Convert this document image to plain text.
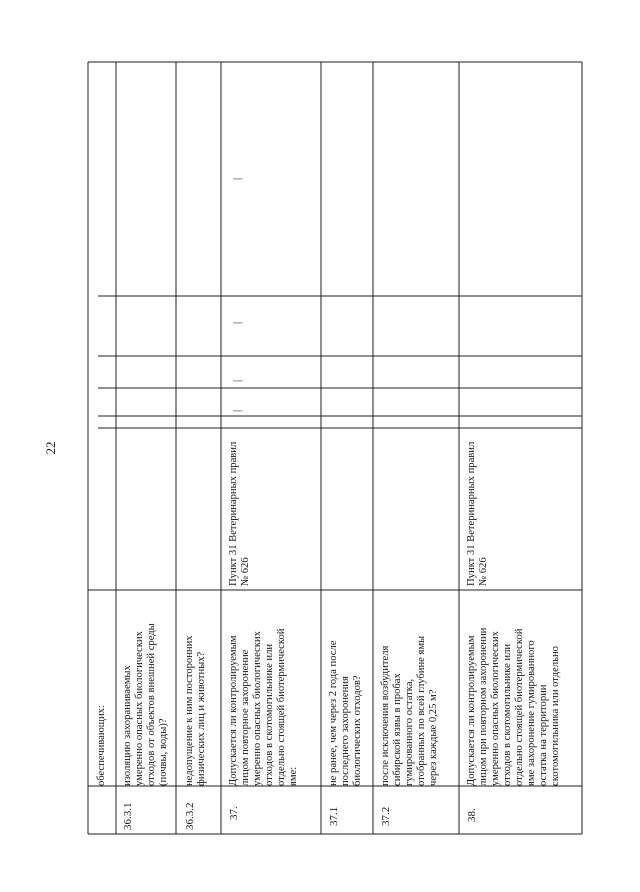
22
обеспечивающих:
36.3.1
изоляцию захораниваемых умеренно опасных биологических отходов от объектов внешней среды (почвы, воды)?
36.3.2
недопущение к ним посторонних физических лиц и животных?
37.
Допускается ли контролируемым лицом повторное захоронение умеренно опасных биологических отходов в скотомогильнике или отдельно стоящей биотермической яме:
Пункт 31 Ветеринарных правил № 626
|
|
|
|
37.1
не ранее, чем через 2 года после последнего захоронения биологических отходов?
37.2
после исключения возбудителя сибирской язвы в пробах гумированного остатка, отобранных по всей глубине ямы через каждые 0,25 м?
38.
Допускается ли контролируемым лицом при повторном захоронении умеренно опасных биологических отходов в скотомогильнике или отдельно стоящей биотермической яме захоронение гумированного остатка на территории скотомогильника или отдельно
Пункт 31 Ветеринарных правил № 626
